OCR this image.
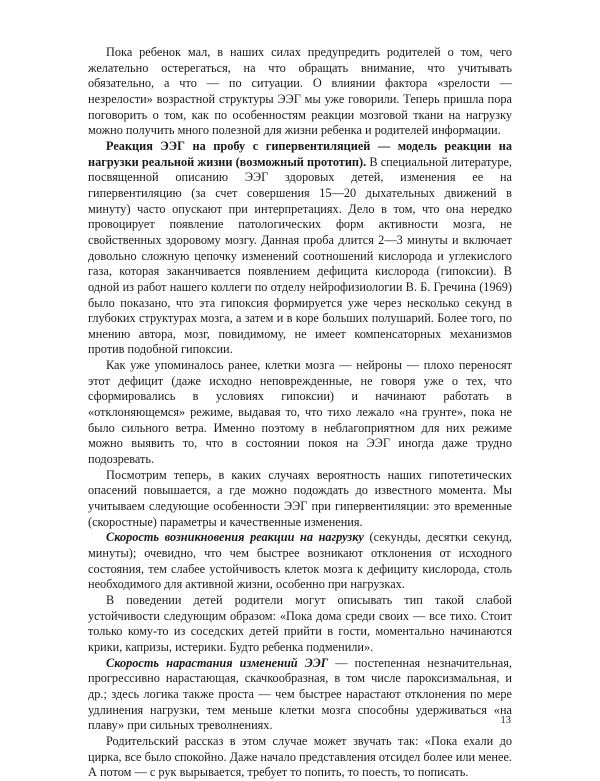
Пока ребенок мал, в наших силах предупредить родителей о том, чего желательно остерегаться, на что обращать внимание, что учитывать обязательно, а что — по ситуации. О влиянии фактора «зрелости — незрелости» возрастной структуры ЭЭГ мы уже говорили. Теперь пришла пора поговорить о том, как по особенностям реакции мозговой ткани на нагрузку можно получить много полезной для жизни ребенка и родителей информации.

Реакция ЭЭГ на пробу с гипервентиляцией — модель реакции на нагрузки реальной жизни (возможный прототип). В специальной литературе, посвященной описанию ЭЭГ здоровых детей, изменения ее на гипервентиляцию (за счет совершения 15—20 дыхательных движений в минуту) часто опускают при интерпретациях. Дело в том, что она нередко провоцирует появление патологических форм активности мозга, не свойственных здоровому мозгу. Данная проба длится 2—3 минуты и включает довольно сложную цепочку изменений соотношений кислорода и углекислого газа, которая заканчивается появлением дефицита кислорода (гипоксии). В одной из работ нашего коллеги по отделу нейрофизиологии В. Б. Гречина (1969) было показано, что эта гипоксия формируется уже через несколько секунд в глубоких структурах мозга, а затем и в коре больших полушарий. Более того, по мнению автора, мозг, повидимому, не имеет компенсаторных механизмов против подобной гипоксии.

Как уже упоминалось ранее, клетки мозга — нейроны — плохо переносят этот дефицит (даже исходно неповрежденные, не говоря уже о тех, что сформировались в условиях гипоксии) и начинают работать в «отклоняющемся» режиме, выдавая то, что тихо лежало «на грунте», пока не было сильного ветра. Именно поэтому в неблагоприятном для них режиме можно выявить то, что в состоянии покоя на ЭЭГ иногда даже трудно подозревать.

Посмотрим теперь, в каких случаях вероятность наших гипотетических опасений повышается, а где можно подождать до известного момента. Мы учитываем следующие особенности ЭЭГ при гипервентиляции: это временные (скоростные) параметры и качественные изменения.

Скорость возникновения реакции на нагрузку (секунды, десятки секунд, минуты); очевидно, что чем быстрее возникают отклонения от исходного состояния, тем слабее устойчивость клеток мозга к дефициту кислорода, столь необходимого для активной жизни, особенно при нагрузках.

В поведении детей родители могут описывать тип такой слабой устойчивости следующим образом: «Пока дома среди своих — все тихо. Стоит только кому-то из соседских детей прийти в гости, моментально начинаются крики, капризы, истерики. Будто ребенка подменили».

Скорость нарастания изменений ЭЭГ — постепенная незначительная, прогрессивно нарастающая, скачкообразная, в том числе пароксизмальная, и др.; здесь логика также проста — чем быстрее нарастают отклонения по мере удлинения нагрузки, тем меньше клетки мозга способны удерживаться «на плаву» при сильных треволнениях.

Родительский рассказ в этом случае может звучать так: «Пока ехали до цирка, все было спокойно. Даже начало представления отсидел более или менее. А потом — с рук вырывается, требует то попить, то поесть, то пописать.

13
